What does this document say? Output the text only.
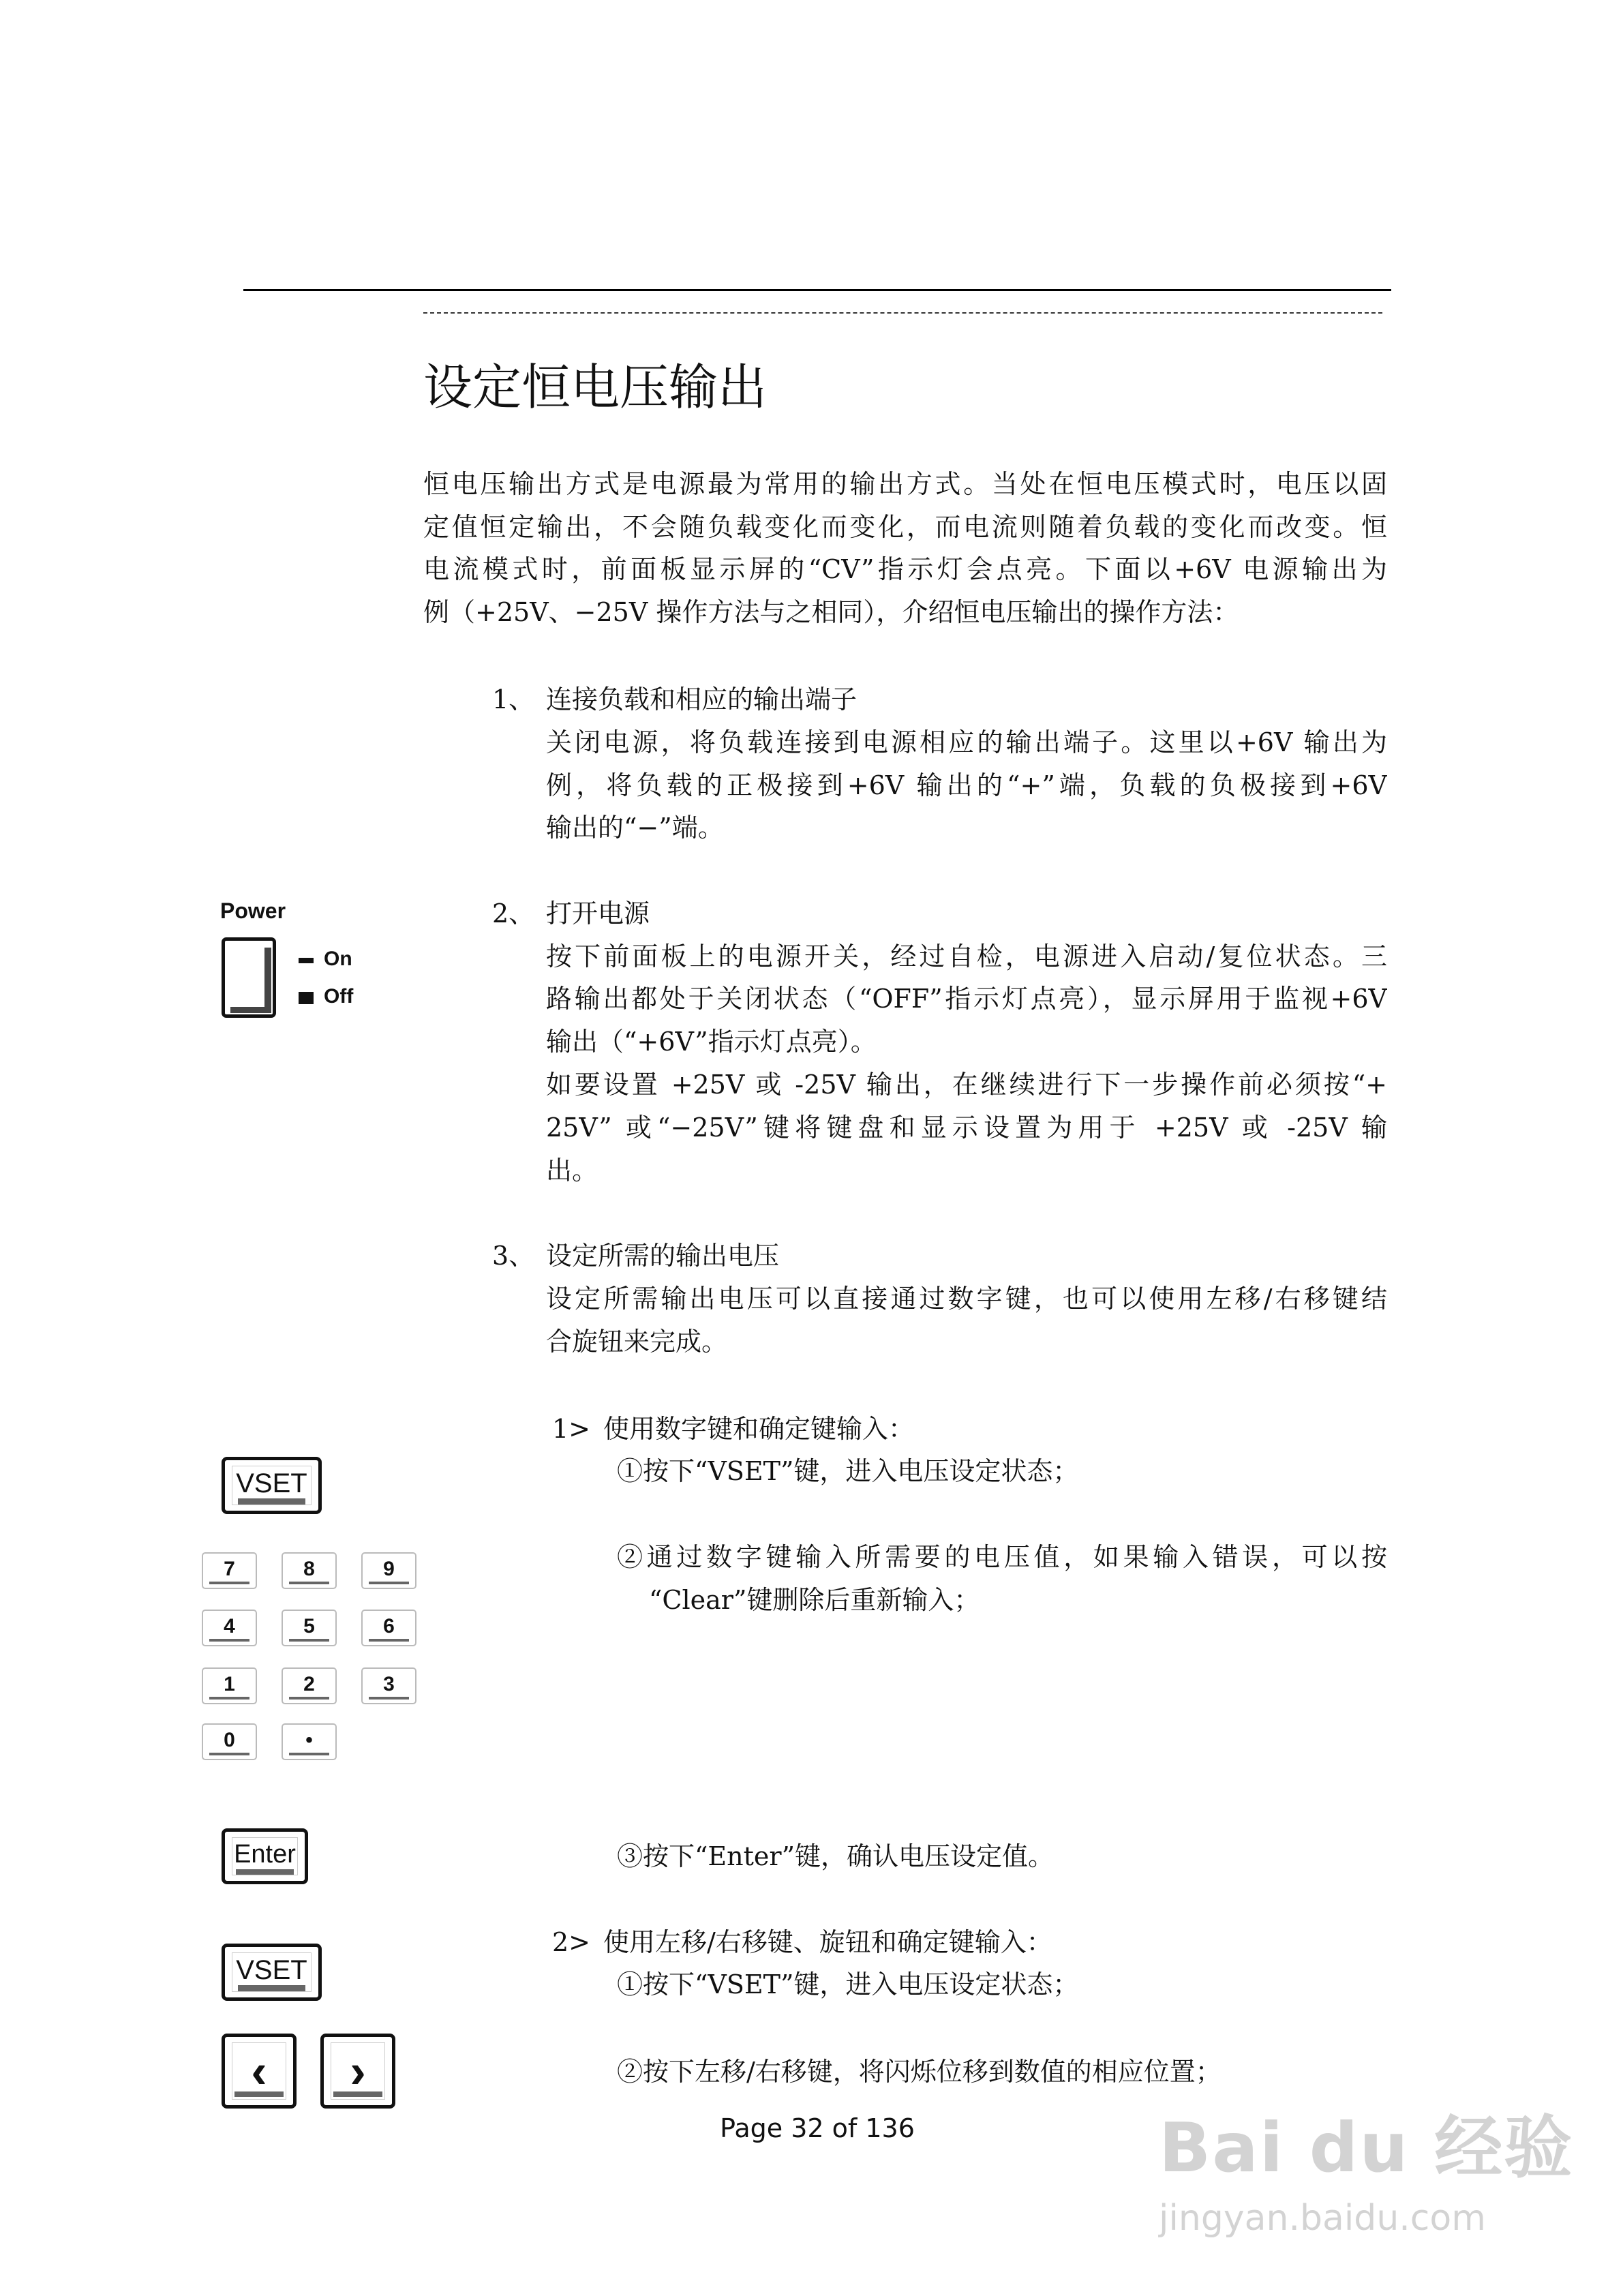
设定恒电压输出
恒电压输出方式是电源最为常用的输出方式。当处在恒电压模式时，电压以固
定值恒定输出，不会随负载变化而变化，而电流则随着负载的变化而改变。恒
电流模式时，前面板显示屏的“CV”指示灯会点亮。下面以+6V 电源输出为
例（+25V、−25V 操作方法与之相同），介绍恒电压输出的操作方法：
1、 连接负载和相应的输出端子
关闭电源，将负载连接到电源相应的输出端子。这里以+6V 输出为
例，将负载的正极接到+6V 输出的“+”端，负载的负极接到+6V
输出的“−”端。
2、 打开电源
按下前面板上的电源开关，经过自检，电源进入启动/复位状态。三
路输出都处于关闭状态（“OFF”指示灯点亮），显示屏用于监视+6V
输出（“+6V”指示灯点亮）。
如要设置 +25V 或 -25V 输出，在继续进行下一步操作前必须按“+
25V” 或“−25V”键将键盘和显示设置为用于 +25V 或 -25V 输
出。
3、 设定所需的输出电压
设定所需输出电压可以直接通过数字键，也可以使用左移/右移键结
合旋钮来完成。
1> 使用数字键和确定键输入：
①按下“VSET”键，进入电压设定状态；
②通过数字键输入所需要的电压值，如果输入错误，可以按
“Clear”键删除后重新输入；
③按下“Enter”键，确认电压设定值。
2> 使用左移/右移键、旋钮和确定键输入：
①按下“VSET”键，进入电压设定状态；
②按下左移/右移键，将闪烁位移到数值的相应位置；
Power
On
Off
VSET
7	8	9
4	5	6
1	2	3
0	•
Enter
VSET
‹	›
Page 32 of 136	Bai du 经验
jingyan.baidu.com
